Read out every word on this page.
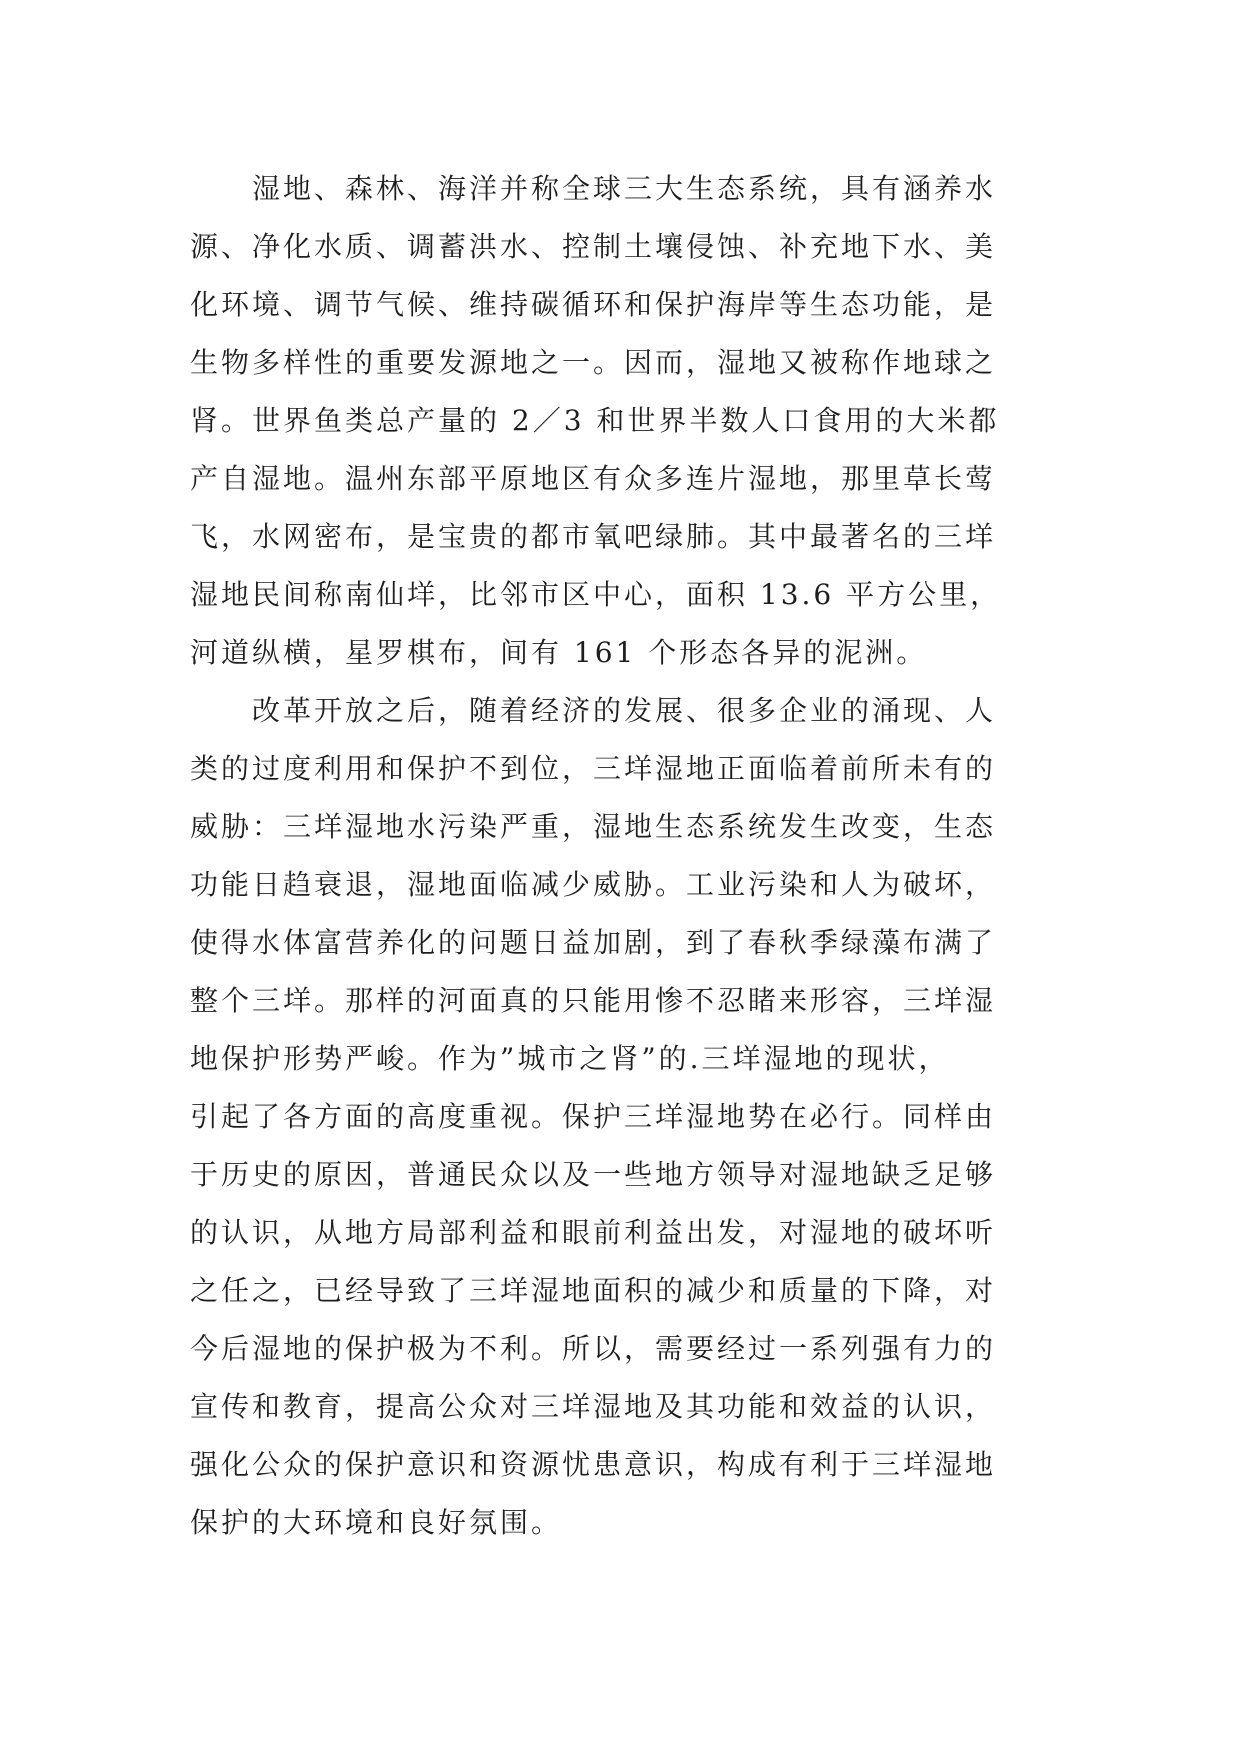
湿地、森林、海洋并称全球三大生态系统，具有涵养水
源、净化水质、调蓄洪水、控制土壤侵蚀、补充地下水、美
化环境、调节气候、维持碳循环和保护海岸等生态功能，是
生物多样性的重要发源地之一。因而，湿地又被称作地球之
肾。世界鱼类总产量的 2／3 和世界半数人口食用的大米都
产自湿地。温州东部平原地区有众多连片湿地，那里草长莺
飞，水网密布，是宝贵的都市氧吧绿肺。其中最著名的三垟
湿地民间称南仙垟，比邻市区中心，面积 13.6 平方公里，
河道纵横，星罗棋布，间有 161 个形态各异的泥洲。
改革开放之后，随着经济的发展、很多企业的涌现、人
类的过度利用和保护不到位，三垟湿地正面临着前所未有的
威胁：三垟湿地水污染严重，湿地生态系统发生改变，生态
功能日趋衰退，湿地面临减少威胁。工业污染和人为破坏，
使得水体富营养化的问题日益加剧，到了春秋季绿藻布满了
整个三垟。那样的河面真的只能用惨不忍睹来形容，三垟湿
地保护形势严峻。作为”城市之肾”的.三垟湿地的现状，
引起了各方面的高度重视。保护三垟湿地势在必行。同样由
于历史的原因，普通民众以及一些地方领导对湿地缺乏足够
的认识，从地方局部利益和眼前利益出发，对湿地的破坏听
之任之，已经导致了三垟湿地面积的减少和质量的下降，对
今后湿地的保护极为不利。所以，需要经过一系列强有力的
宣传和教育，提高公众对三垟湿地及其功能和效益的认识，
强化公众的保护意识和资源忧患意识，构成有利于三垟湿地
保护的大环境和良好氛围。
